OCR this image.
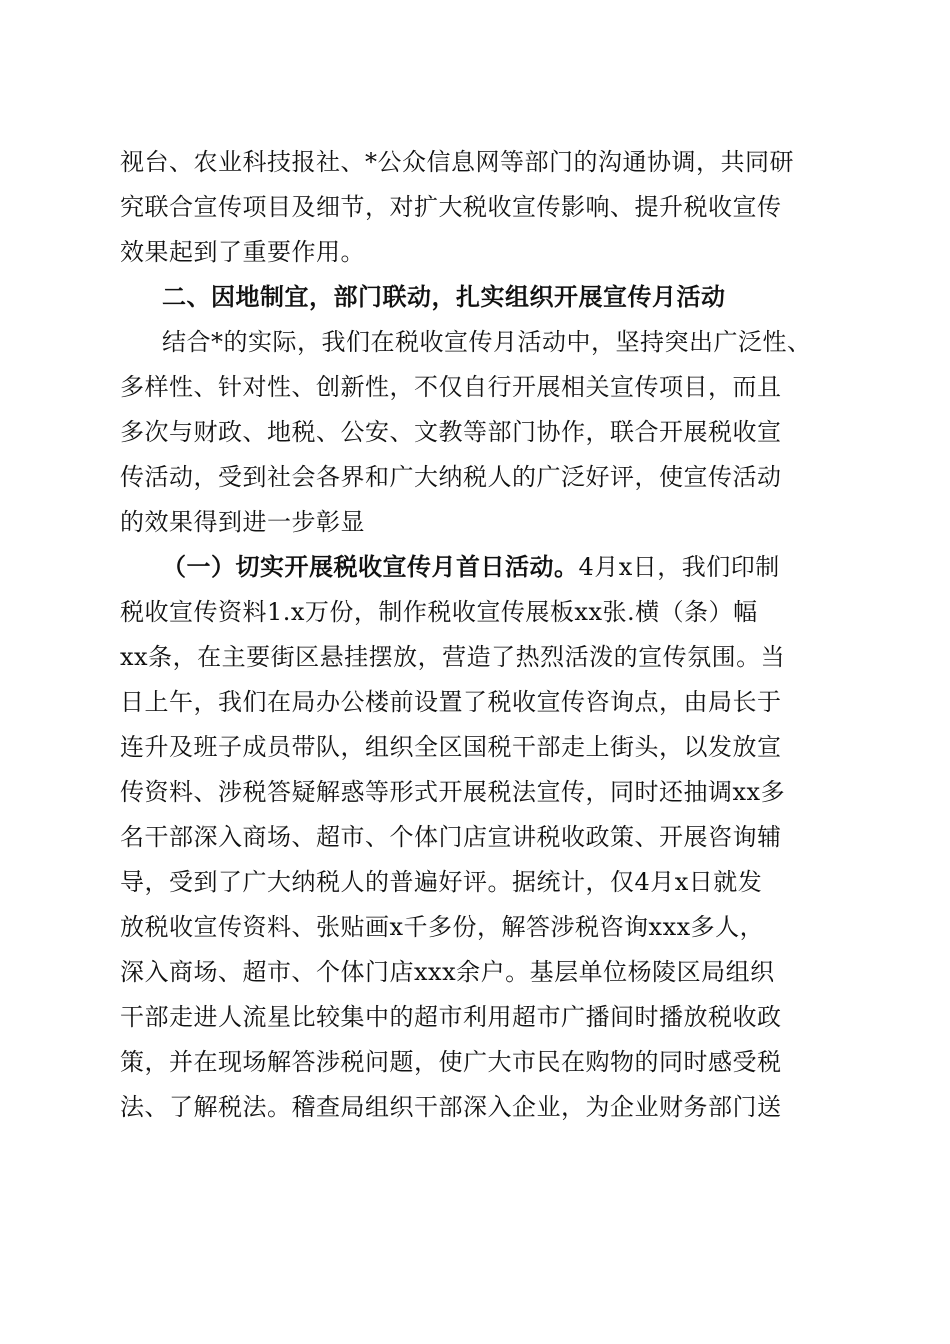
视台、农业科技报社、*公众信息网等部门的沟通协调，共同研
究联合宣传项目及细节，对扩大税收宣传影响、提升税收宣传
效果起到了重要作用。
二、因地制宜，部门联动，扎实组织开展宣传月活动
结合*的实际，我们在税收宣传月活动中，坚持突出广泛性、
多样性、针对性、创新性，不仅自行开展相关宣传项目，而且
多次与财政、地税、公安、文教等部门协作，联合开展税收宣
传活动，受到社会各界和广大纳税人的广泛好评，使宣传活动
的效果得到进一步彰显
（一）切实开展税收宣传月首日活动。4月x日，我们印制
税收宣传资料1.x万份，制作税收宣传展板xx张.横（条）幅
xx条，在主要街区悬挂摆放，营造了热烈活泼的宣传氛围。当
日上午，我们在局办公楼前设置了税收宣传咨询点，由局长于
连升及班子成员带队，组织全区国税干部走上街头，以发放宣
传资料、涉税答疑解惑等形式开展税法宣传，同时还抽调xx多
名干部深入商场、超市、个体门店宣讲税收政策、开展咨询辅
导，受到了广大纳税人的普遍好评。据统计，仅4月x日就发
放税收宣传资料、张贴画x千多份，解答涉税咨询xxx多人，
深入商场、超市、个体门店xxx余户。基层单位杨陵区局组织
干部走进人流星比较集中的超市利用超市广播间时播放税收政
策，并在现场解答涉税问题，使广大市民在购物的同时感受税
法、了解税法。稽查局组织干部深入企业，为企业财务部门送
